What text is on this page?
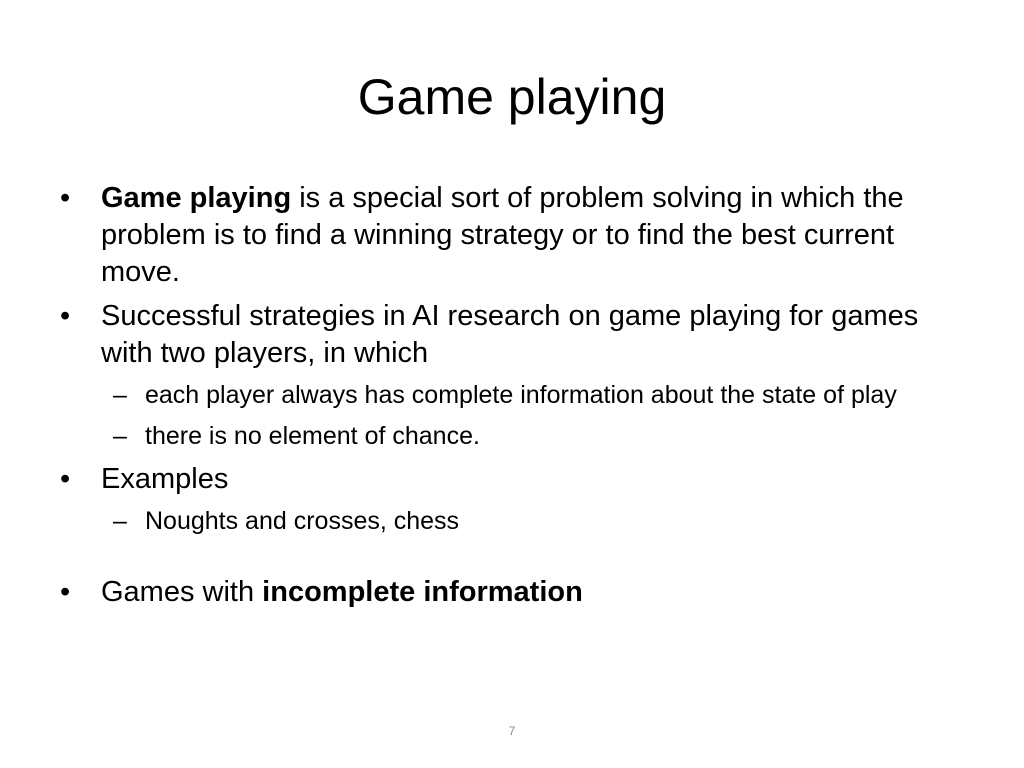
Game playing
•	Game playing is a special sort of problem solving in which the problem is to find a winning strategy or to find the best current move.
•	Successful strategies in AI research on game playing for games with two players, in which
– each player always has complete information about the state of play
– there is no element of chance.
•	Examples
– Noughts and crosses, chess
•	Games with incomplete information
7
